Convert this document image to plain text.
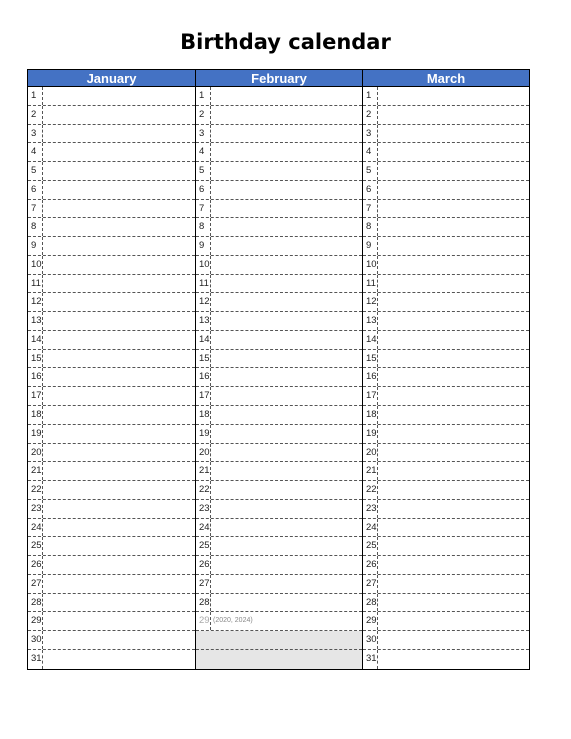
Birthday calendar
January
1
2
3
4
5
6
7
8
9
10
11
12
13
14
15
16
17
18
19
20
21
22
23
24
25
26
27
28
29
30
31
February
1
2
3
4
5
6
7
8
9
10
11
12
13
14
15
16
17
18
19
20
21
22
23
24
25
26
27
28
29 (2020, 2024)
March
1
2
3
4
5
6
7
8
9
10
11
12
13
14
15
16
17
18
19
20
21
22
23
24
25
26
27
28
29
30
31
